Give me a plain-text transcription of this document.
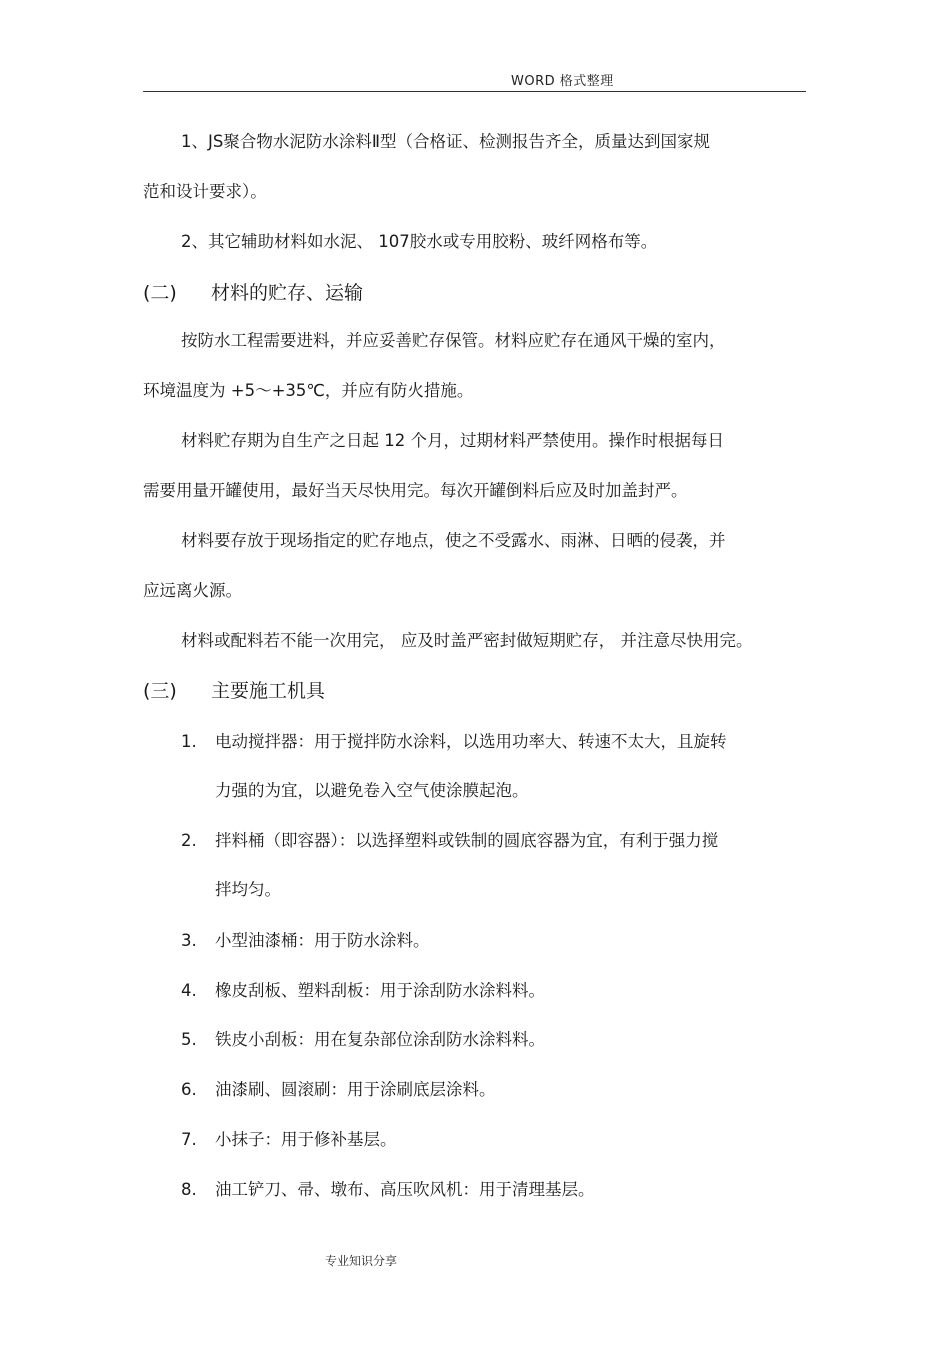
WORD 格式整理
1、JS聚合物水泥防水涂料Ⅱ型（合格证、检测报告齐全，质量达到国家规
范和设计要求）。
2、其它辅助材料如水泥、 107胶水或专用胶粉、玻纤网格布等。
(二) 材料的贮存、运输
按防水工程需要进料，并应妥善贮存保管。材料应贮存在通风干燥的室内，
环境温度为 +5～+35℃，并应有防火措施。
材料贮存期为自生产之日起 12 个月，过期材料严禁使用。操作时根据每日
需要用量开罐使用，最好当天尽快用完。每次开罐倒料后应及时加盖封严。
材料要存放于现场指定的贮存地点，使之不受露水、雨淋、日晒的侵袭，并
应远离火源。
材料或配料若不能一次用完， 应及时盖严密封做短期贮存， 并注意尽快用完。
(三) 主要施工机具
1. 电动搅拌器：用于搅拌防水涂料，以选用功率大、转速不太大，且旋转
力强的为宜，以避免卷入空气使涂膜起泡。
2. 拌料桶（即容器）：以选择塑料或铁制的圆底容器为宜，有利于强力搅
拌均匀。
3. 小型油漆桶：用于防水涂料。
4. 橡皮刮板、塑料刮板：用于涂刮防水涂料料。
5. 铁皮小刮板：用在复杂部位涂刮防水涂料料。
6. 油漆刷、圆滚刷：用于涂刷底层涂料。
7. 小抹子：用于修补基层。
8. 油工铲刀、帚、墩布、高压吹风机：用于清理基层。
专业知识分享
